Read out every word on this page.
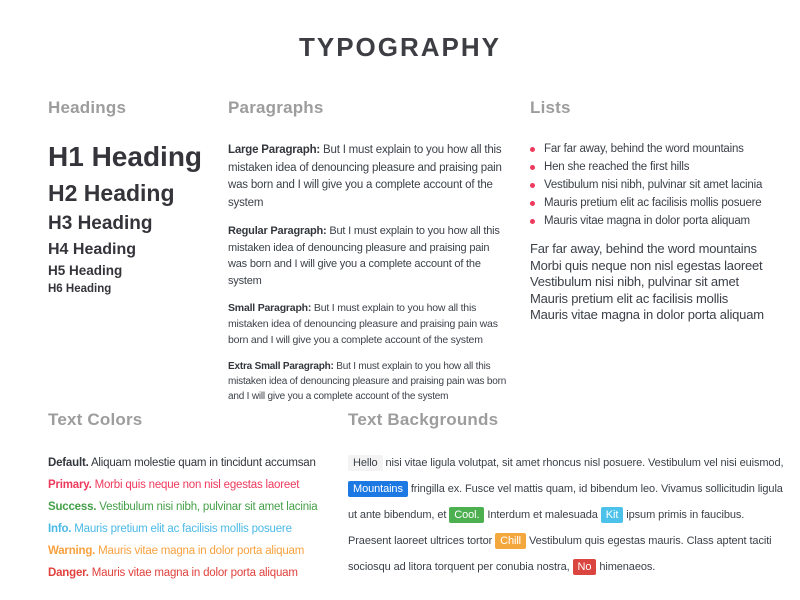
TYPOGRAPHY
Headings
H1 Heading
H2 Heading
H3 Heading
H4 Heading
H5 Heading
H6 Heading
Paragraphs

Large Paragraph: But I must explain to you how all this mistaken idea of denouncing pleasure and praising pain was born and I will give you a complete account of the system

Regular Paragraph: But I must explain to you how all this mistaken idea of denouncing pleasure and praising pain was born and I will give you a complete account of the system

Small Paragraph: But I must explain to you how all this mistaken idea of denouncing pleasure and praising pain was born and I will give you a complete account of the system

Extra Small Paragraph: But I must explain to you how all this mistaken idea of denouncing pleasure and praising pain was born and I will give you a complete account of the system

Lists
Far far away, behind the word mountains
Hen she reached the first hills
Vestibulum nisi nibh, pulvinar sit amet lacinia
Mauris pretium elit ac facilisis mollis posuere
Mauris vitae magna in dolor porta aliquam
Far far away, behind the word mountains
Morbi quis neque non nisl egestas laoreet
Vestibulum nisi nibh, pulvinar sit amet
Mauris pretium elit ac facilisis mollis
Mauris vitae magna in dolor porta aliquam
Text Colors
Default. Aliquam molestie quam in tincidunt accumsan
Primary. Morbi quis neque non nisl egestas laoreet
Success. Vestibulum nisi nibh, pulvinar sit amet lacinia
Info. Mauris pretium elit ac facilisis mollis posuere
Warning. Mauris vitae magna in dolor porta aliquam
Danger. Mauris vitae magna in dolor porta aliquam
Text Backgrounds

Hello nisi vitae ligula volutpat, sit amet rhoncus nisl posuere. Vestibulum vel nisi euismod, Mountains fringilla ex. Fusce vel mattis quam, id bibendum leo. Vivamus sollicitudin ligula ut ante bibendum, et Cool. Interdum et malesuada Kit ipsum primis in faucibus. Praesent laoreet ultrices tortor Chill Vestibulum quis egestas mauris. Class aptent taciti sociosqu ad litora torquent per conubia nostra, No himenaeos.
